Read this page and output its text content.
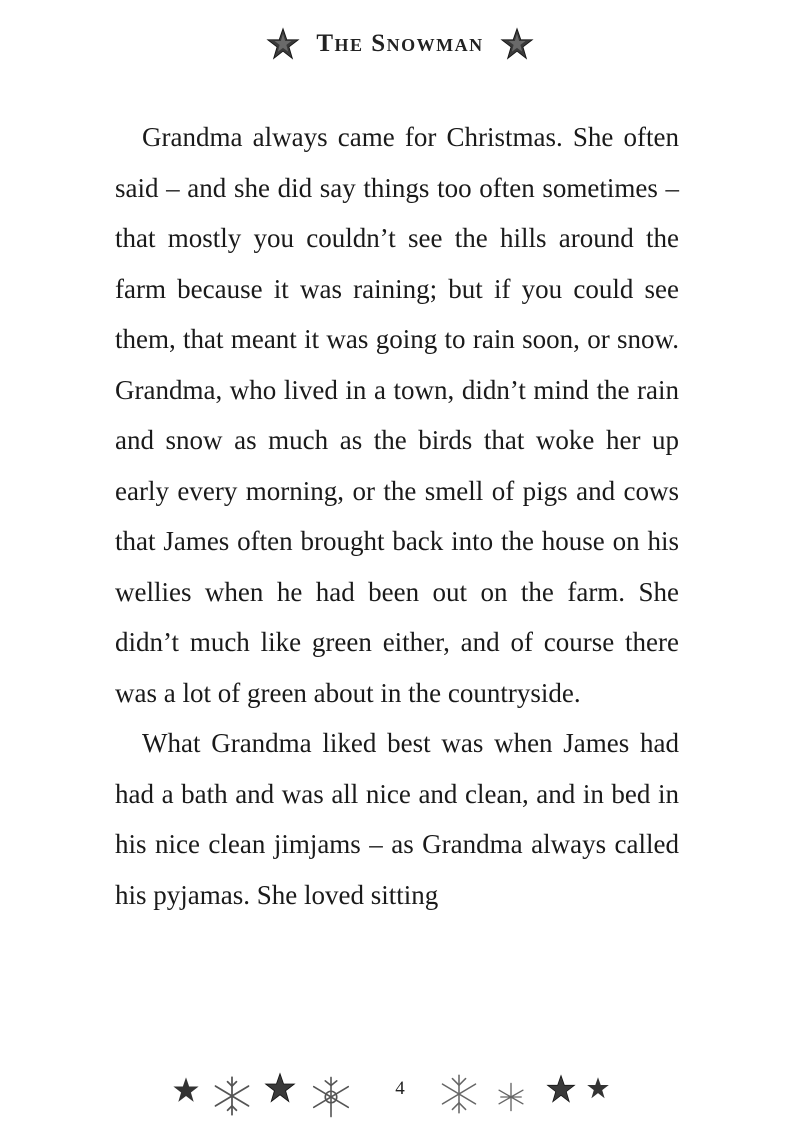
The Snowman

Grandma always came for Christmas. She often said – and she did say things too often sometimes – that mostly you couldn’t see the hills around the farm because it was raining; but if you could see them, that meant it was going to rain soon, or snow. Grandma, who lived in a town, didn’t mind the rain and snow as much as the birds that woke her up early every morning, or the smell of pigs and cows that James often brought back into the house on his wellies when he had been out on the farm. She didn’t much like green either, and of course there was a lot of green about in the countryside.

What Grandma liked best was when James had had a bath and was all nice and clean, and in bed in his nice clean jimjams – as Grandma always called his pyjamas. She loved sitting

4
